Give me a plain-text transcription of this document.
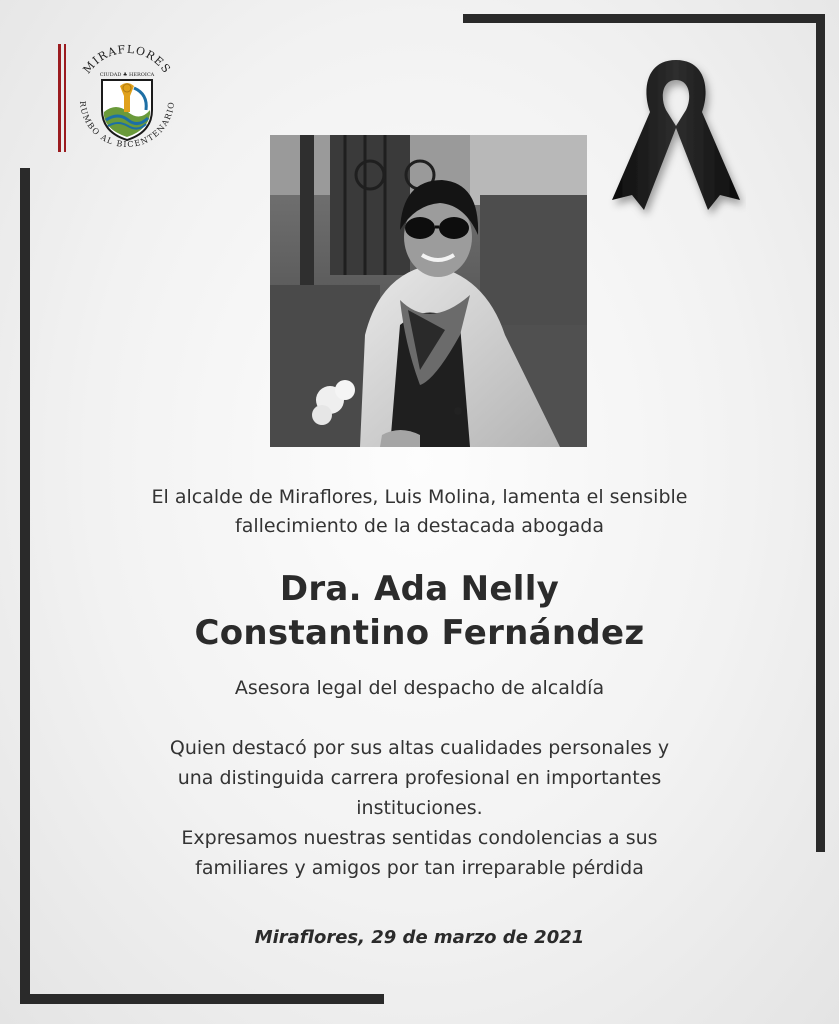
MIRAFLORES
RUMBO AL BICENTENARIO
CIUDAD ♣ HEROICA
El alcalde de Miraflores, Luis Molina, lamenta el sensible
fallecimiento de la destacada abogada
Dra. Ada Nelly
Constantino Fernández
Asesora legal del despacho de alcaldía
Quien destacó por sus altas cualidades personales y
una distinguida carrera profesional en importantes
instituciones.
Expresamos nuestras sentidas condolencias a sus
familiares y amigos por tan irreparable pérdida
Miraflores, 29 de marzo de 2021
